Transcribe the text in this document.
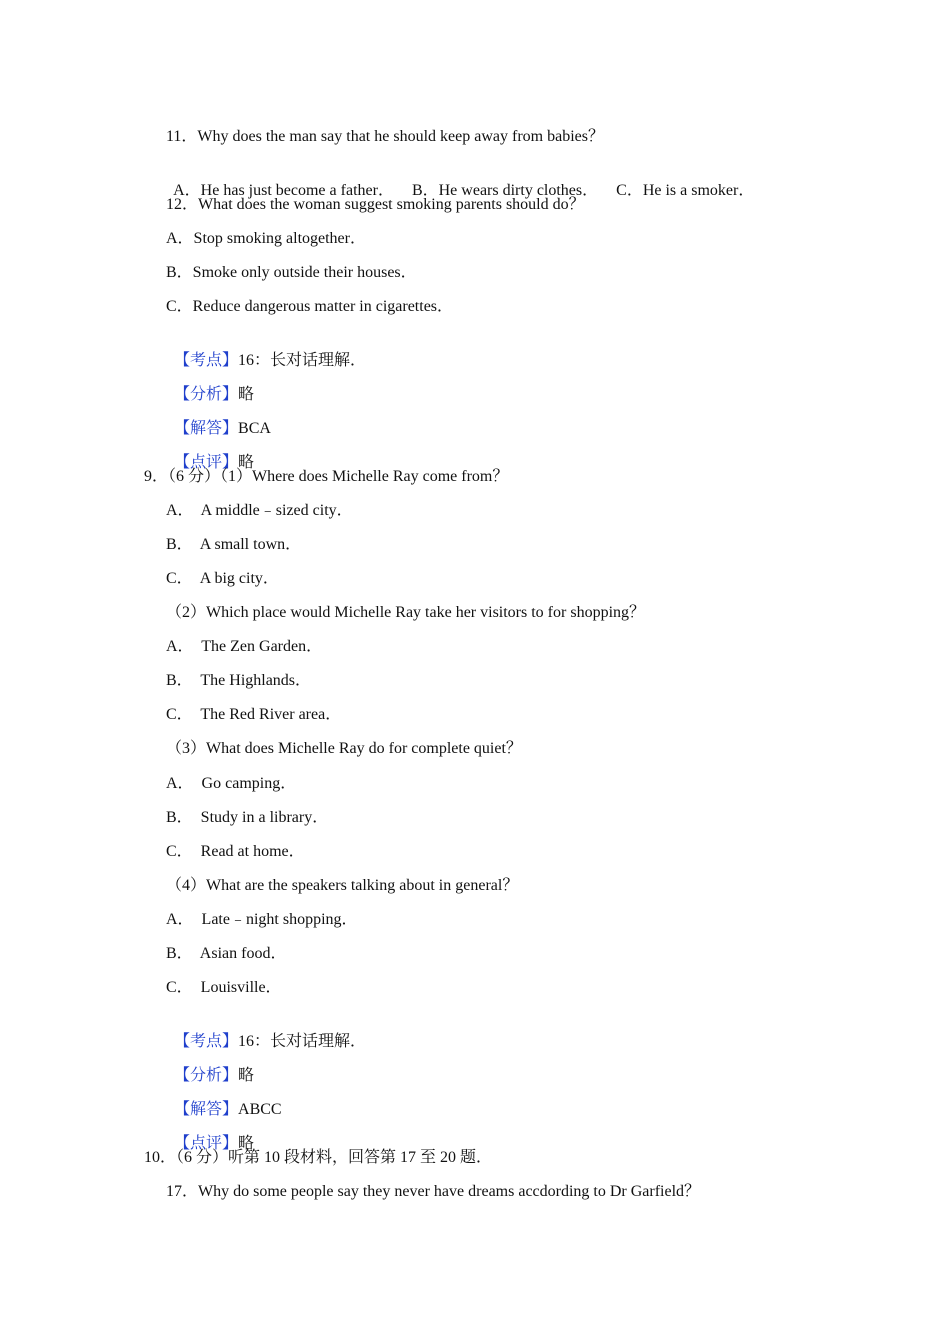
11．Why does the man say that he should keep away from babies？

A．He has just become a father． B．He wears dirty clothes． C．He is a smoker．

12．What does the woman suggest smoking parents should do？
A．Stop smoking altogether．
B．Smoke only outside their houses．
C．Reduce dangerous matter in cigarettes．

【考点】16：长对话理解．

【分析】略

【解答】BCA

【点评】略

9．（6 分）（1）Where does Michelle Ray come from？
A．  A middle﹣sized city．
B．  A small town．
C．  A big city．
（2）Which place would Michelle Ray take her visitors to for shopping？
A．  The Zen Garden．
B．  The Highlands．
C．  The Red River area．
（3）What does Michelle Ray do for complete quiet？
A．  Go camping．
B．  Study in a library．
C．  Read at home．
（4）What are the speakers talking about in general？
A．  Late﹣night shopping．
B．  Asian food．
C．  Louisville．

【考点】16：长对话理解．

【分析】略

【解答】ABCC

【点评】略

10．（6 分）听第 10 段材料，回答第 17 至 20 题．
17．Why do some people say they never have dreams accdording to Dr Garfield？
